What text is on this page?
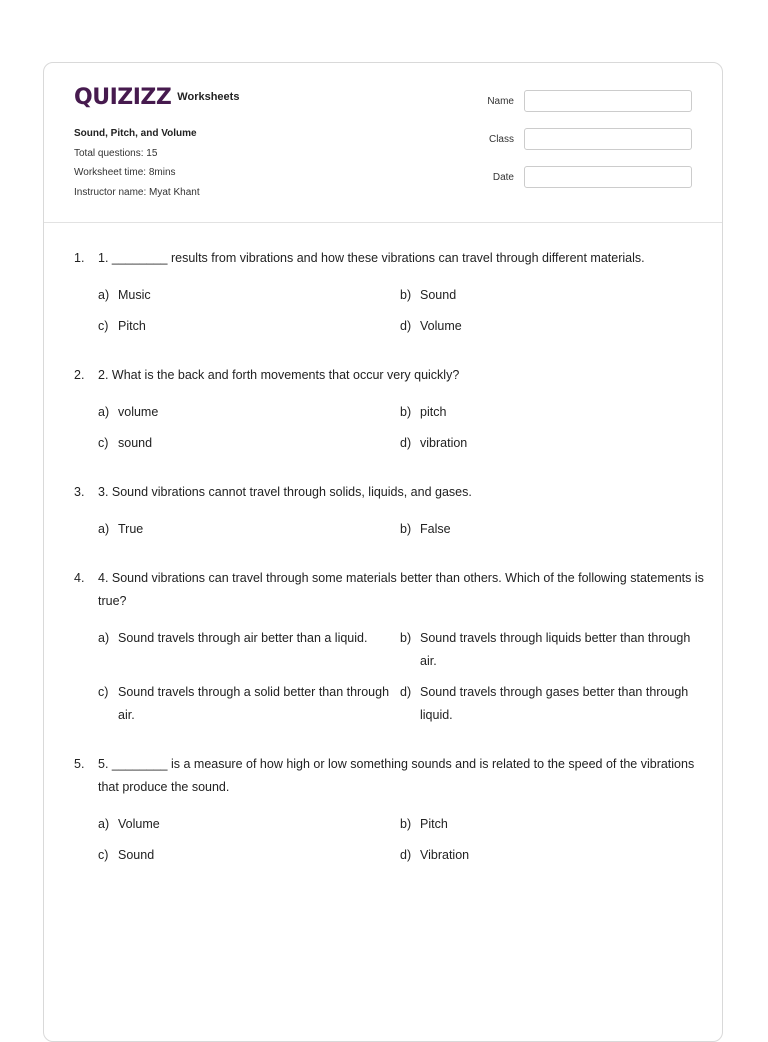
QUIZIZZ Worksheets
Sound, Pitch, and Volume
Total questions: 15
Worksheet time: 8mins
Instructor name: Myat Khant
Name
Class
Date
1. 1. ________ results from vibrations and how these vibrations can travel through different materials.
a) Music	b) Sound
c) Pitch	d) Volume
2. 2. What is the back and forth movements that occur very quickly?
a) volume	b) pitch
c) sound	d) vibration
3. 3. Sound vibrations cannot travel through solids, liquids, and gases.
a) True	b) False
4. 4. Sound vibrations can travel through some materials better than others. Which of the following statements is true?
a) Sound travels through air better than a liquid.	b) Sound travels through liquids better than through air.
c) Sound travels through a solid better than through air.
d) Sound travels through gases better than through liquid.
5. 5. ________ is a measure of how high or low something sounds and is related to the speed of the vibrations that produce the sound.
a) Volume	b) Pitch
c) Sound	d) Vibration
